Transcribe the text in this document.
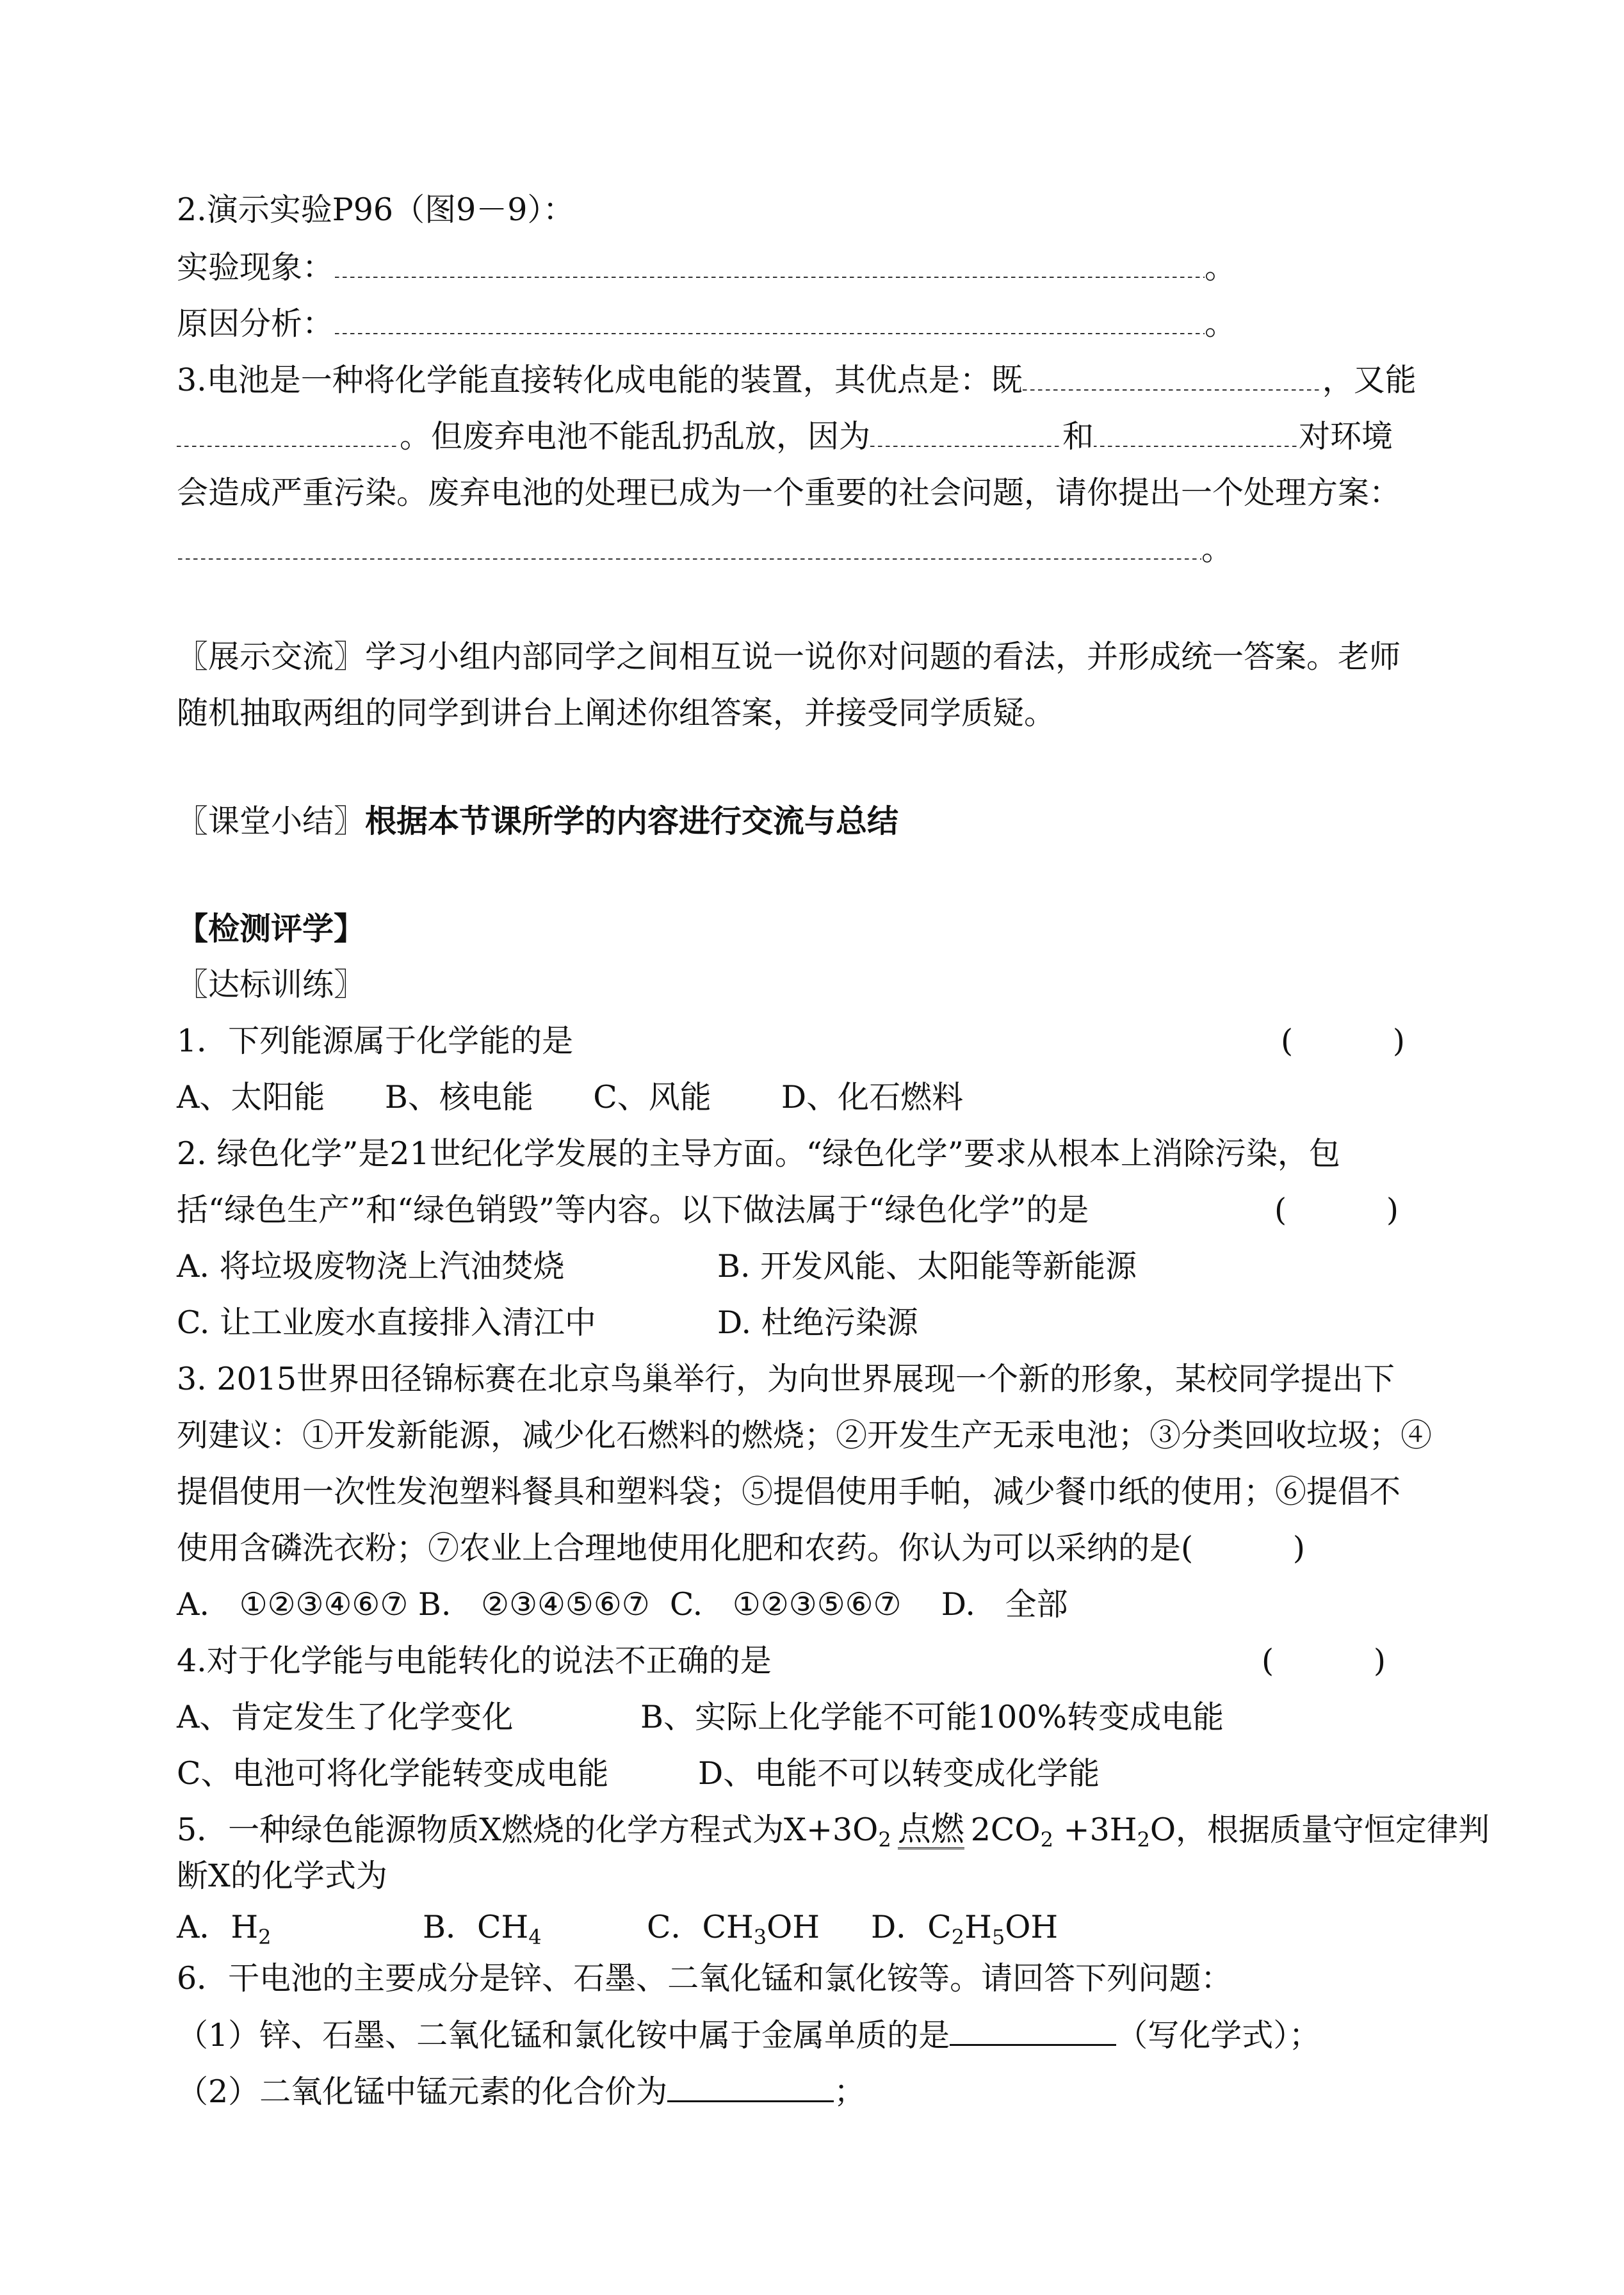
2.演示实验P96（图9－9）：
实验现象：	。
原因分析：	。
3.电池是一种将化学能直接转化成电能的装置，其优点是：既	，又能
。但废弃电池不能乱扔乱放，因为	和	对环境
会造成严重污染。废弃电池的处理已成为一个重要的社会问题，请你提出一个处理方案：
。
〖展示交流〗学习小组内部同学之间相互说一说你对问题的看法，并形成统一答案。老师
随机抽取两组的同学到讲台上阐述你组答案，并接受同学质疑。
〖课堂小结〗根据本节课所学的内容进行交流与总结
【检测评学】
〖达标训练〗
1．下列能源属于化学能的是	(          )
A、太阳能      B、核电能      C、风能       D、化石燃料
2. 绿色化学”是21世纪化学发展的主导方面。“绿色化学”要求从根本上消除污染，包
括“绿色生产”和“绿色销毁”等内容。以下做法属于“绿色化学”的是	(          )
A. 将垃圾废物浇上汽油焚烧	B. 开发风能、太阳能等新能源
C. 让工业废水直接排入清江中	D. 杜绝污染源
3. 2015世界田径锦标赛在北京鸟巢举行，为向世界展现一个新的形象，某校同学提出下
列建议：①开发新能源，减少化石燃料的燃烧；②开发生产无汞电池；③分类回收垃圾；④
提倡使用一次性发泡塑料餐具和塑料袋；⑤提倡使用手帕，减少餐巾纸的使用；⑥提倡不
使用含磷洗衣粉；⑦农业上合理地使用化肥和农药。你认为可以采纳的是(          )
A.   ①②③④⑥⑦ B.   ②③④⑤⑥⑦  C.   ①②③⑤⑥⑦    D.   全部
4.对于化学能与电能转化的说法不正确的是	(          )
A、肯定发生了化学变化	B、实际上化学能不可能100%转变成电能
C、电池可将化学能转变成电能	D、电能不可以转变成化学能
5．一种绿色能源物质X燃烧的化学方程式为$X+3O_2$ 点燃 $2CO_2 +3H_2O$，根据质量守恒定律判
断X的化学式为
A．$H_2$	B．$CH_4$	C．$CH_3OH$ D．$C_2H_5OH$
6．干电池的主要成分是锌、石墨、二氧化锰和氯化铵等。请回答下列问题：
（1）锌、石墨、二氧化锰和氯化铵中属于金属单质的是	（写化学式）；
（2）二氧化锰中锰元素的化合价为	；
